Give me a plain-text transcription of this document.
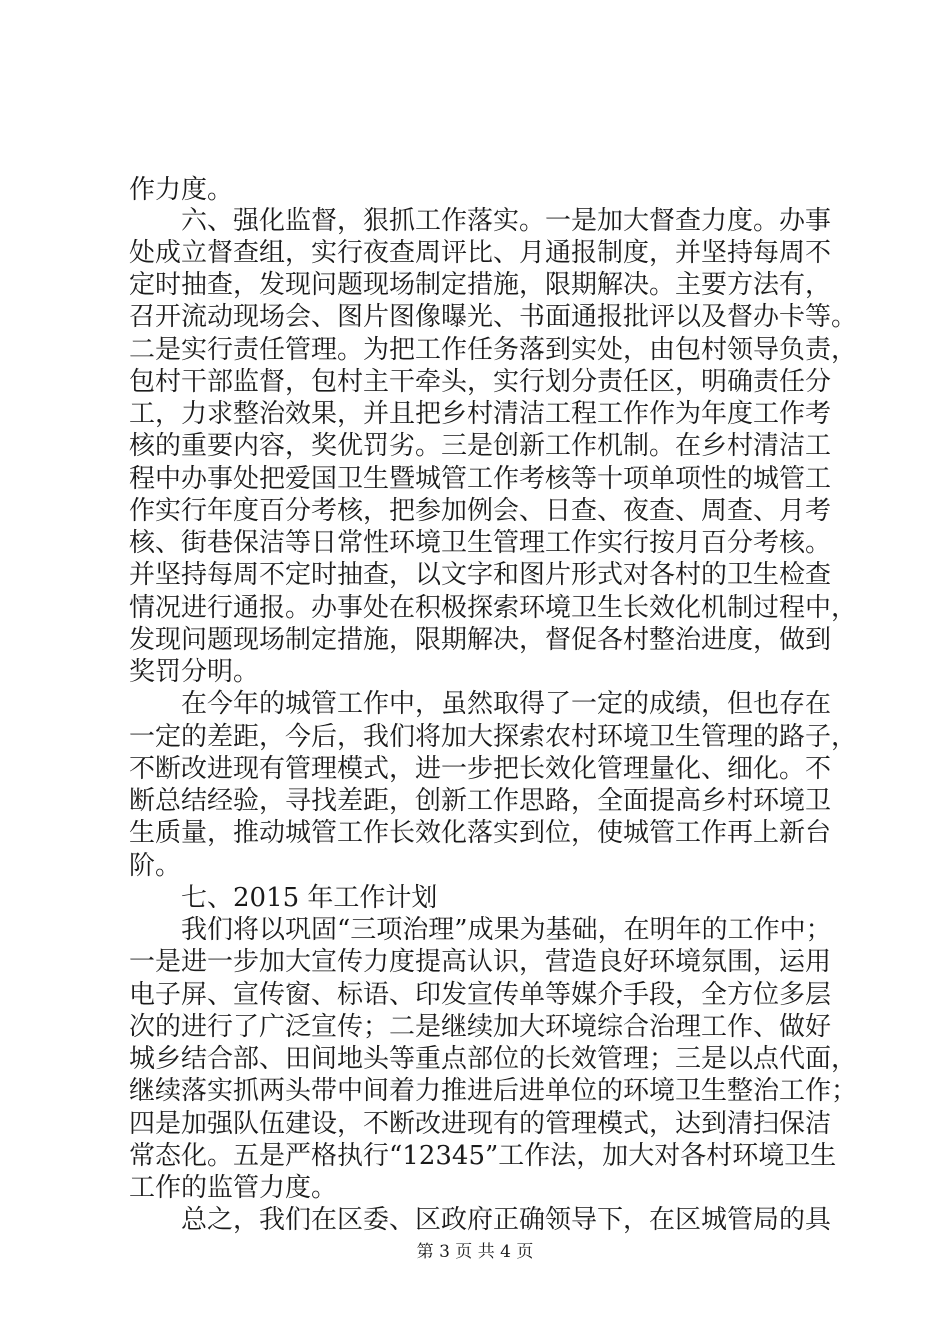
作力度。
六、强化监督，狠抓工作落实。一是加大督查力度。办事
处成立督查组，实行夜查周评比、月通报制度，并坚持每周不
定时抽查，发现问题现场制定措施，限期解决。主要方法有，
召开流动现场会、图片图像曝光、书面通报批评以及督办卡等。
二是实行责任管理。为把工作任务落到实处，由包村领导负责，
包村干部监督，包村主干牵头，实行划分责任区，明确责任分
工，力求整治效果，并且把乡村清洁工程工作作为年度工作考
核的重要内容，奖优罚劣。三是创新工作机制。在乡村清洁工
程中办事处把爱国卫生暨城管工作考核等十项单项性的城管工
作实行年度百分考核，把参加例会、日查、夜查、周查、月考
核、街巷保洁等日常性环境卫生管理工作实行按月百分考核。
并坚持每周不定时抽查，以文字和图片形式对各村的卫生检查
情况进行通报。办事处在积极探索环境卫生长效化机制过程中，
发现问题现场制定措施，限期解决，督促各村整治进度，做到
奖罚分明。
在今年的城管工作中，虽然取得了一定的成绩，但也存在
一定的差距，今后，我们将加大探索农村环境卫生管理的路子，
不断改进现有管理模式，进一步把长效化管理量化、细化。不
断总结经验，寻找差距，创新工作思路，全面提高乡村环境卫
生质量，推动城管工作长效化落实到位，使城管工作再上新台
阶。
七、2015 年工作计划
我们将以巩固“三项治理”成果为基础，在明年的工作中；
一是进一步加大宣传力度提高认识，营造良好环境氛围，运用
电子屏、宣传窗、标语、印发宣传单等媒介手段，全方位多层
次的进行了广泛宣传；二是继续加大环境综合治理工作、做好
城乡结合部、田间地头等重点部位的长效管理；三是以点代面，
继续落实抓两头带中间着力推进后进单位的环境卫生整治工作；
四是加强队伍建设，不断改进现有的管理模式，达到清扫保洁
常态化。五是严格执行“12345”工作法，加大对各村环境卫生
工作的监管力度。
总之，我们在区委、区政府正确领导下，在区城管局的具
第 3 页 共 4 页
